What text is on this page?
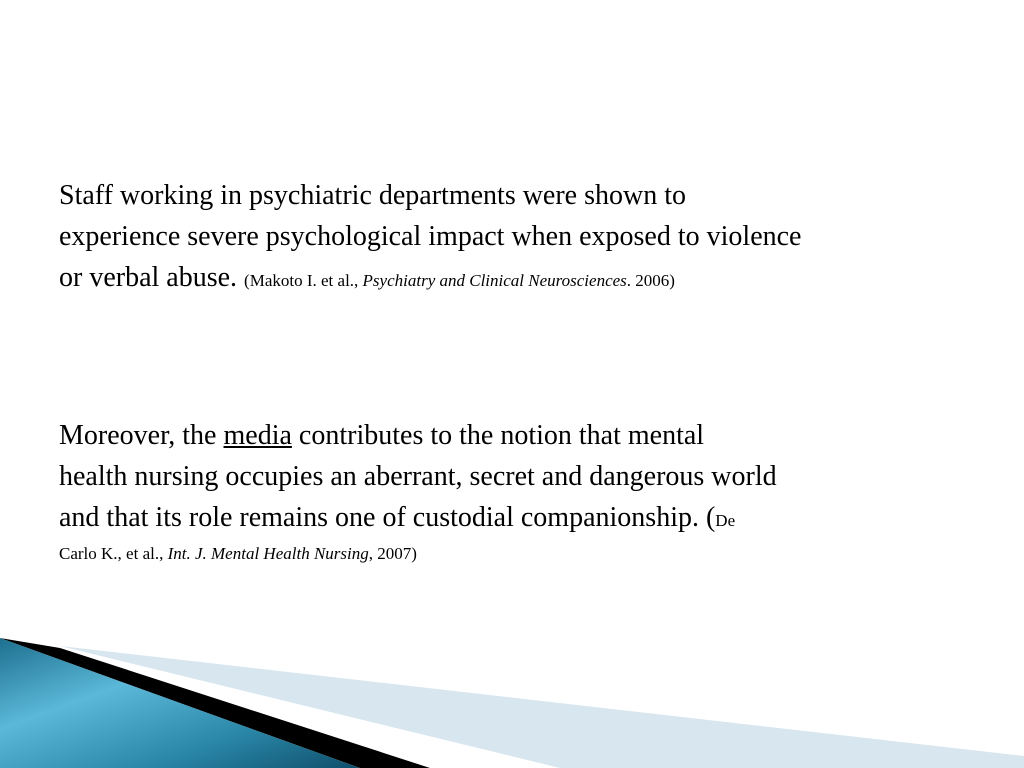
Staff working in psychiatric departments were shown to
experience severe psychological impact when exposed to violence
or verbal abuse. (Makoto I. et al., Psychiatry and Clinical Neurosciences. 2006)

Moreover, the media contributes to the notion that mental
health nursing occupies an aberrant, secret and dangerous world
and that its role remains one of custodial companionship. (De
Carlo K., et al., Int. J. Mental Health Nursing, 2007)
